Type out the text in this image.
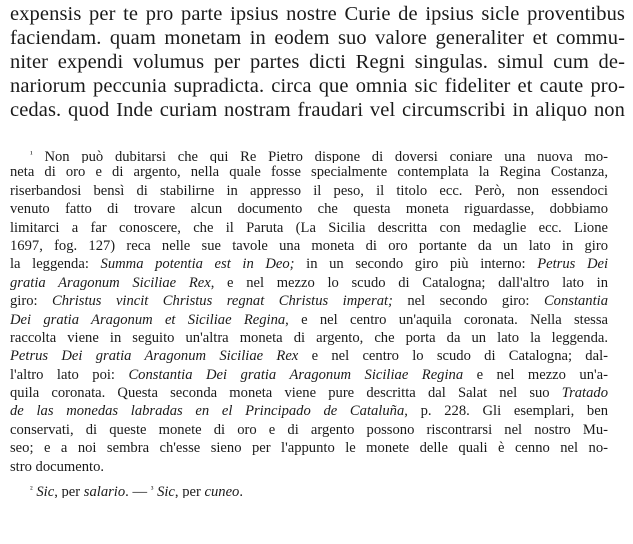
expensis per te pro parte ipsius nostre Curie de ipsius sicle proventibus
faciendam. quam monetam in eodem suo valore generaliter et commu-
niter expendi volumus per partes dicti Regni singulas. simul cum de-
nariorum peccunia supradicta. circa que omnia sic fideliter et caute pro-
cedas. quod Inde curiam nostram fraudari vel circumscribi in aliquo non
$^{^1}$ Non può dubitarsi che qui Re Pietro dispone di doversi coniare una nuova mo-
neta di oro e di argento, nella quale fosse specialmente contemplata la Regina Costanza,
riserbandosi bensì di stabilirne in appresso il peso, il titolo ecc. Però, non essendoci
venuto fatto di trovare alcun documento che questa moneta riguardasse, dobbiamo
limitarci a far conoscere, che il Paruta (La Sicilia descritta con medaglie ecc. Lione
1697, fog. 127) reca nelle sue tavole una moneta di oro portante da un lato in giro
la leggenda: Summa potentia est in Deo; in un secondo giro più interno: Petrus Dei
gratia Aragonum Siciliae Rex, e nel mezzo lo scudo di Catalogna; dall'altro lato in
giro: Christus vincit Christus regnat Christus imperat; nel secondo giro: Constantia
Dei gratia Aragonum et Siciliae Regina, e nel centro un'aquila coronata. Nella stessa
raccolta viene in seguito un'altra moneta di argento, che porta da un lato la leggenda.
Petrus Dei gratia Aragonum Siciliae Rex e nel centro lo scudo di Catalogna; dal-
l'altro lato poi: Constantia Dei gratia Aragonum Siciliae Regina e nel mezzo un'a-
quila coronata. Questa seconda moneta viene pure descritta dal Salat nel suo Tratado
de las monedas labradas en el Principado de Cataluña, p. 228. Gli esemplari, ben
conservati, di queste monete di oro e di argento possono riscontrarsi nel nostro Mu-
seo; e a noi sembra ch'esse sieno per l'appunto le monete delle quali è cenno nel no-
stro documento.
$^{^2}$ Sic, per salario. — $^{^3}$ Sic, per cuneo.
